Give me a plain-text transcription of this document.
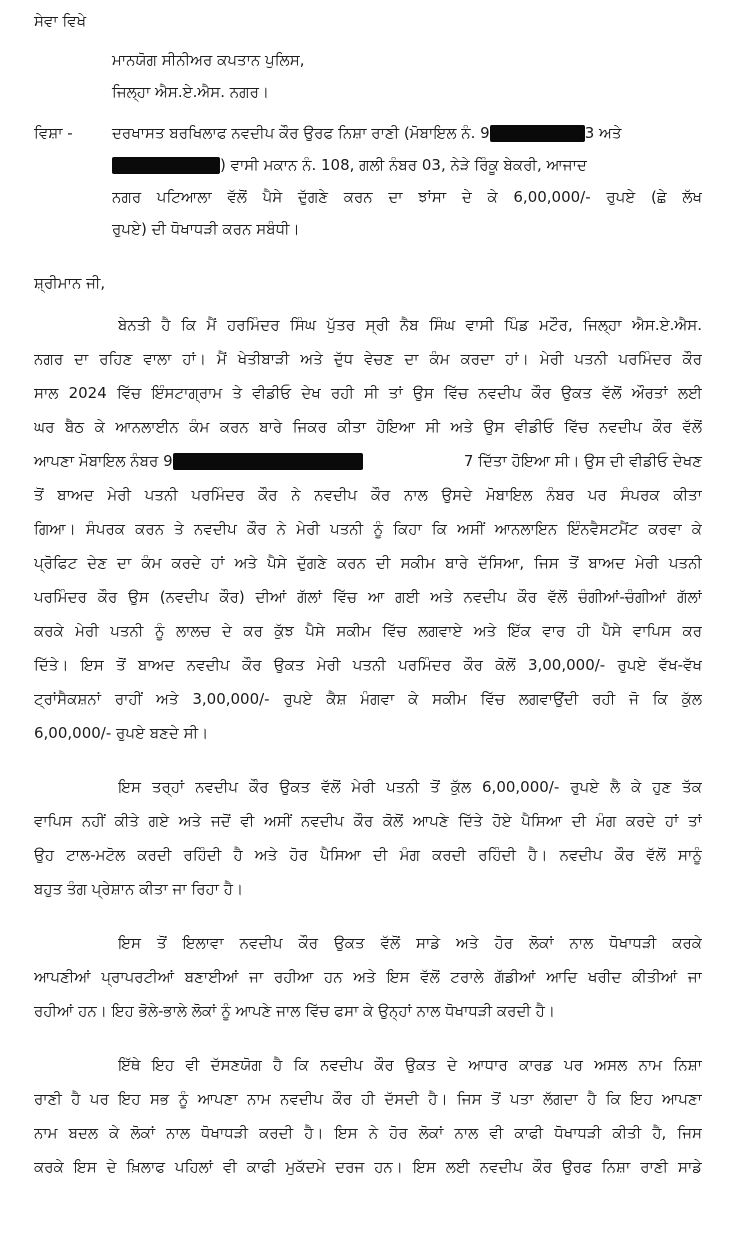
ਸੇਵਾ ਵਿਖੇ
ਮਾਨਯੋਗ ਸੀਨੀਅਰ ਕਪਤਾਨ ਪੁਲਿਸ,
ਜਿਲ੍ਹਾ ਐਸ.ਏ.ਐਸ. ਨਗਰ।
ਵਿਸ਼ਾ -	ਦਰਖਾਸਤ ਬਰਖਿਲਾਫ ਨਵਦੀਪ ਕੌਰ ਉਰਫ ਨਿਸ਼ਾ ਰਾਣੀ (ਮੋਬਾਇਲ ਨੰ. 9	3 ਅਤੇ
) ਵਾਸੀ ਮਕਾਨ ਨੰ. 108, ਗਲੀ ਨੰਬਰ 03, ਨੇੜੇ ਰਿੰਕੂ ਬੇਕਰੀ, ਆਜਾਦ
ਨਗਰ ਪਟਿਆਲਾ ਵੱਲੋਂ ਪੈਸੇ ਦੁੱਗਣੇ ਕਰਨ ਦਾ ਝਾਂਸਾ ਦੇ ਕੇ 6,00,000/- ਰੁਪਏ (ਛੇ ਲੱਖ
ਰੁਪਏ) ਦੀ ਧੋਖਾਧੜੀ ਕਰਨ ਸਬੰਧੀ।
ਸ਼੍ਰੀਮਾਨ ਜੀ,
ਬੇਨਤੀ ਹੈ ਕਿ ਮੈਂ ਹਰਮਿੰਦਰ ਸਿੰਘ ਪੁੱਤਰ ਸ੍ਰੀ ਨੈਬ ਸਿੰਘ ਵਾਸੀ ਪਿੰਡ ਮਟੌਰ, ਜਿਲ੍ਹਾ ਐਸ.ਏ.ਐਸ.
ਨਗਰ ਦਾ ਰਹਿਣ ਵਾਲਾ ਹਾਂ। ਮੈਂ ਖੇਤੀਬਾੜੀ ਅਤੇ ਦੁੱਧ ਵੇਚਣ ਦਾ ਕੰਮ ਕਰਦਾ ਹਾਂ। ਮੇਰੀ ਪਤਨੀ ਪਰਮਿੰਦਰ ਕੌਰ
ਸਾਲ 2024 ਵਿੱਚ ਇੰਸਟਾਗ੍ਰਾਮ ਤੇ ਵੀਡੀਓ ਦੇਖ ਰਹੀ ਸੀ ਤਾਂ ਉਸ ਵਿੱਚ ਨਵਦੀਪ ਕੌਰ ਉਕਤ ਵੱਲੋਂ ਔਰਤਾਂ ਲਈ
ਘਰ ਬੈਠ ਕੇ ਆਨਲਾਈਨ ਕੰਮ ਕਰਨ ਬਾਰੇ ਜਿਕਰ ਕੀਤਾ ਹੋਇਆ ਸੀ ਅਤੇ ਉਸ ਵੀਡੀਓ ਵਿੱਚ ਨਵਦੀਪ ਕੌਰ ਵੱਲੋਂ
ਆਪਣਾ ਮੋਬਾਇਲ ਨੰਬਰ 9	7 ਦਿੱਤਾ ਹੋਇਆ ਸੀ। ਉਸ ਦੀ ਵੀਡੀਓ ਦੇਖਣ
ਤੋਂ ਬਾਅਦ ਮੇਰੀ ਪਤਨੀ ਪਰਮਿੰਦਰ ਕੌਰ ਨੇ ਨਵਦੀਪ ਕੌਰ ਨਾਲ ਉਸਦੇ ਮੋਬਾਇਲ ਨੰਬਰ ਪਰ ਸੰਪਰਕ ਕੀਤਾ
ਗਿਆ। ਸੰਪਰਕ ਕਰਨ ਤੇ ਨਵਦੀਪ ਕੌਰ ਨੇ ਮੇਰੀ ਪਤਨੀ ਨੂੰ ਕਿਹਾ ਕਿ ਅਸੀਂ ਆਨਲਾਇਨ ਇੰਨਵੈਸਟਮੈਂਟ ਕਰਵਾ ਕੇ
ਪ੍ਰੋਫਿਟ ਦੇਣ ਦਾ ਕੰਮ ਕਰਦੇ ਹਾਂ ਅਤੇ ਪੈਸੇ ਦੁੱਗਣੇ ਕਰਨ ਦੀ ਸਕੀਮ ਬਾਰੇ ਦੱਸਿਆ, ਜਿਸ ਤੋਂ ਬਾਅਦ ਮੇਰੀ ਪਤਨੀ
ਪਰਮਿੰਦਰ ਕੌਰ ਉਸ (ਨਵਦੀਪ ਕੌਰ) ਦੀਆਂ ਗੱਲਾਂ ਵਿੱਚ ਆ ਗਈ ਅਤੇ ਨਵਦੀਪ ਕੌਰ ਵੱਲੋਂ ਚੰਗੀਆਂ-ਚੰਗੀਆਂ ਗੱਲਾਂ
ਕਰਕੇ ਮੇਰੀ ਪਤਨੀ ਨੂੰ ਲਾਲਚ ਦੇ ਕਰ ਕੁੱਝ ਪੈਸੇ ਸਕੀਮ ਵਿੱਚ ਲਗਵਾਏ ਅਤੇ ਇੱਕ ਵਾਰ ਹੀ ਪੈਸੇ ਵਾਪਿਸ ਕਰ
ਦਿੱਤੇ। ਇਸ ਤੋਂ ਬਾਅਦ ਨਵਦੀਪ ਕੌਰ ਉਕਤ ਮੇਰੀ ਪਤਨੀ ਪਰਮਿੰਦਰ ਕੌਰ ਕੋਲੋਂ 3,00,000/- ਰੁਪਏ ਵੱਖ-ਵੱਖ
ਟ੍ਰਾਂਸੈਕਸ਼ਨਾਂ ਰਾਹੀਂ ਅਤੇ 3,00,000/- ਰੁਪਏ ਕੈਸ਼ ਮੰਗਵਾ ਕੇ ਸਕੀਮ ਵਿੱਚ ਲਗਵਾਉਂਦੀ ਰਹੀ ਜੋ ਕਿ ਕੁੱਲ
6,00,000/- ਰੁਪਏ ਬਣਦੇ ਸੀ।
ਇਸ ਤਰ੍ਹਾਂ ਨਵਦੀਪ ਕੌਰ ਉਕਤ ਵੱਲੋਂ ਮੇਰੀ ਪਤਨੀ ਤੋਂ ਕੁੱਲ 6,00,000/- ਰੁਪਏ ਲੈ ਕੇ ਹੁਣ ਤੱਕ
ਵਾਪਿਸ ਨਹੀਂ ਕੀਤੇ ਗਏ ਅਤੇ ਜਦੋਂ ਵੀ ਅਸੀਂ ਨਵਦੀਪ ਕੌਰ ਕੋਲੋਂ ਆਪਣੇ ਦਿੱਤੇ ਹੋਏ ਪੈਸਿਆ ਦੀ ਮੰਗ ਕਰਦੇ ਹਾਂ ਤਾਂ
ਉਹ ਟਾਲ-ਮਟੋਲ ਕਰਦੀ ਰਹਿੰਦੀ ਹੈ ਅਤੇ ਹੋਰ ਪੈਸਿਆ ਦੀ ਮੰਗ ਕਰਦੀ ਰਹਿੰਦੀ ਹੈ। ਨਵਦੀਪ ਕੌਰ ਵੱਲੋਂ ਸਾਨੂੰ
ਬਹੁਤ ਤੰਗ ਪ੍ਰੇਸ਼ਾਨ ਕੀਤਾ ਜਾ ਰਿਹਾ ਹੈ।
ਇਸ ਤੋਂ ਇਲਾਵਾ ਨਵਦੀਪ ਕੌਰ ਉਕਤ ਵੱਲੋਂ ਸਾਡੇ ਅਤੇ ਹੋਰ ਲੋਕਾਂ ਨਾਲ ਧੋਖਾਧੜੀ ਕਰਕੇ
ਆਪਣੀਆਂ ਪ੍ਰਾਪਰਟੀਆਂ ਬਣਾਈਆਂ ਜਾ ਰਹੀਆ ਹਨ ਅਤੇ ਇਸ ਵੱਲੋਂ ਟਰਾਲੇ ਗੱਡੀਆਂ ਆਦਿ ਖਰੀਦ ਕੀਤੀਆਂ ਜਾ
ਰਹੀਆਂ ਹਨ। ਇਹ ਭੋਲੇ-ਭਾਲੇ ਲੋਕਾਂ ਨੂੰ ਆਪਣੇ ਜਾਲ ਵਿੱਚ ਫਸਾ ਕੇ ਉਨ੍ਹਾਂ ਨਾਲ ਧੋਖਾਧੜੀ ਕਰਦੀ ਹੈ।
ਇੱਥੇ ਇਹ ਵੀ ਦੱਸਣਯੋਗ ਹੈ ਕਿ ਨਵਦੀਪ ਕੌਰ ਉਕਤ ਦੇ ਆਧਾਰ ਕਾਰਡ ਪਰ ਅਸਲ ਨਾਮ ਨਿਸ਼ਾ
ਰਾਣੀ ਹੈ ਪਰ ਇਹ ਸਭ ਨੂੰ ਆਪਣਾ ਨਾਮ ਨਵਦੀਪ ਕੌਰ ਹੀ ਦੱਸਦੀ ਹੈ। ਜਿਸ ਤੋਂ ਪਤਾ ਲੱਗਦਾ ਹੈ ਕਿ ਇਹ ਆਪਣਾ
ਨਾਮ ਬਦਲ ਕੇ ਲੋਕਾਂ ਨਾਲ ਧੋਖਾਧੜੀ ਕਰਦੀ ਹੈ। ਇਸ ਨੇ ਹੋਰ ਲੋਕਾਂ ਨਾਲ ਵੀ ਕਾਫੀ ਧੋਖਾਧੜੀ ਕੀਤੀ ਹੈ, ਜਿਸ
ਕਰਕੇ ਇਸ ਦੇ ਖ਼ਿਲਾਫ ਪਹਿਲਾਂ ਵੀ ਕਾਫੀ ਮੁਕੱਦਮੇ ਦਰਜ ਹਨ। ਇਸ ਲਈ ਨਵਦੀਪ ਕੌਰ ਉਰਫ ਨਿਸ਼ਾ ਰਾਣੀ ਸਾਡੇ
